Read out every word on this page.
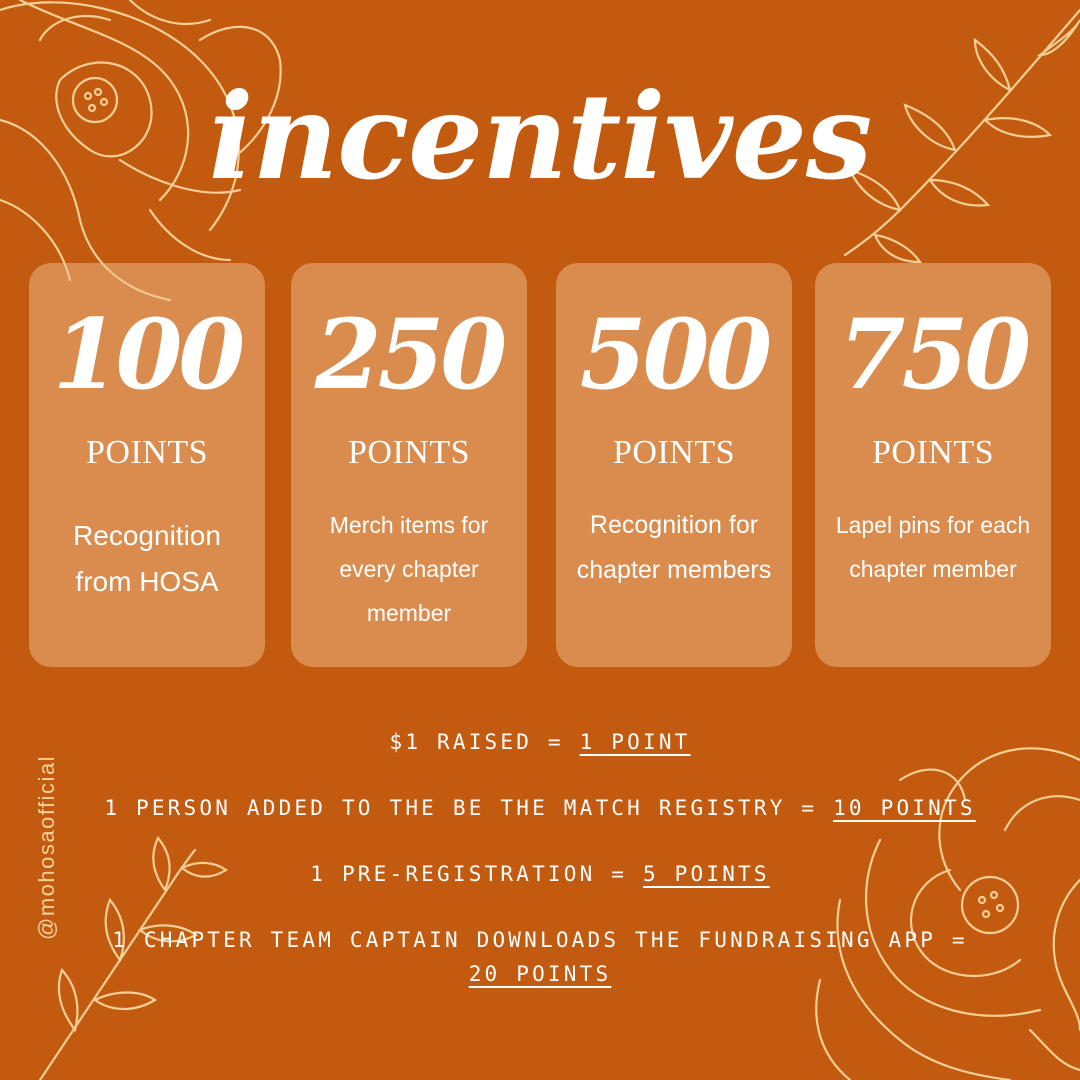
incentives
100
POINTS
Recognition from HOSA
250
POINTS
Merch items for every chapter member
500
POINTS
Recognition for chapter members
750
POINTS
Lapel pins for each chapter member
$1 RAISED = 1 POINT
1 PERSON ADDED TO THE BE THE MATCH REGISTRY = 10 POINTS
1 PRE-REGISTRATION = 5 POINTS
1 CHAPTER TEAM CAPTAIN DOWNLOADS THE FUNDRAISING APP = 20 POINTS
@mohosaofficial
